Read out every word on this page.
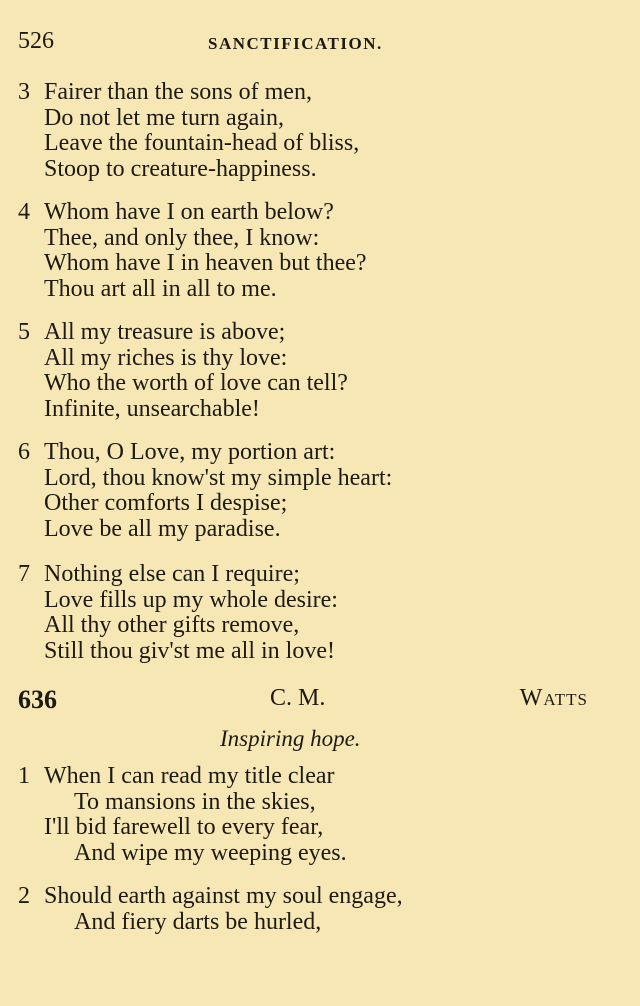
526	SANCTIFICATION.
3 Fairer than the sons of men,
Do not let me turn again,
Leave the fountain-head of bliss,
Stoop to creature-happiness.
4 Whom have I on earth below?
Thee, and only thee, I know:
Whom have I in heaven but thee?
Thou art all in all to me.
5 All my treasure is above;
All my riches is thy love:
Who the worth of love can tell?
Infinite, unsearchable!
6 Thou, O Love, my portion art:
Lord, thou know'st my simple heart:
Other comforts I despise;
Love be all my paradise.
7 Nothing else can I require;
Love fills up my whole desire:
All thy other gifts remove,
Still thou giv'st me all in love!
636	C. M.	Watts
Inspiring hope.
1 When I can read my title clear
To mansions in the skies,
I'll bid farewell to every fear,
And wipe my weeping eyes.
2 Should earth against my soul engage,
And fiery darts be hurled,
